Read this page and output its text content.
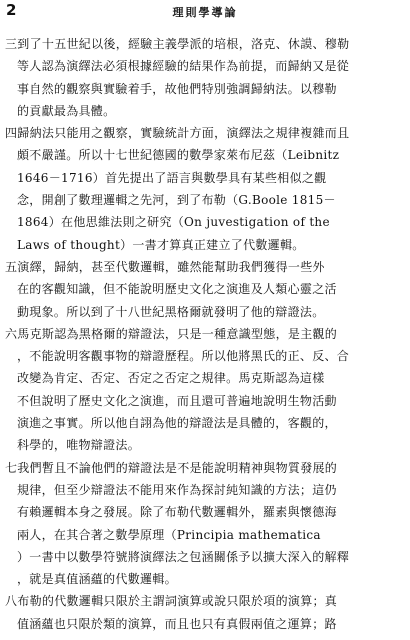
2	理則學導論
三到了十五世紀以後，經驗主義學派的培根，洛克、休謨、穆勒
等人認為演繹法必須根據經驗的結果作為前提，而歸納又是從
事自然的觀察與實驗着手，故他們特別強調歸納法。以穆勒
的貢獻最為具體。
四歸納法只能用之觀察，實驗統計方面，演繹法之規律複雜而且
頗不嚴謹。所以十七世紀德國的數學家萊布尼茲（Leibnitz
1646－1716）首先提出了語言與數學具有某些相似之觀
念，開創了數理邏輯之先河，到了布勒（G.Boole 1815－
1864）在他思維法則之研究（On juvestigation of the
Laws of thought）一書才算真正建立了代數邏輯。
五演繹，歸納，甚至代數邏輯，雖然能幫助我們獲得一些外
在的客觀知識，但不能說明歷史文化之演進及人類心靈之活
動現象。所以到了十八世紀黑格爾就發明了他的辯證法。
六馬克斯認為黑格爾的辯證法，只是一種意識型態，是主觀的
，不能說明客觀事物的辯證歷程。所以他將黑氏的正、反、合
改變為肯定、否定、否定之否定之規律。馬克斯認為這樣
不但說明了歷史文化之演進，而且還可普遍地說明生物活動
演進之事實。所以他自詡為他的辯證法是具體的，客觀的，
科學的，唯物辯證法。
七我們暫且不論他們的辯證法是不是能說明精神與物質發展的
規律，但至少辯證法不能用來作為探討純知識的方法；這仍
有賴邏輯本身之發展。除了布勒代數邏輯外，羅素與懷德海
兩人，在其合著之數學原理（Principia mathematica
）一書中以數學符號將演繹法之包涵關係予以擴大深入的解釋
，就是真值涵蘊的代數邏輯。
八布勒的代數邏輯只限於主謂詞演算或說只限於項的演算；真
值涵蘊也只限於類的演算，而且也只有真假兩值之運算；路
